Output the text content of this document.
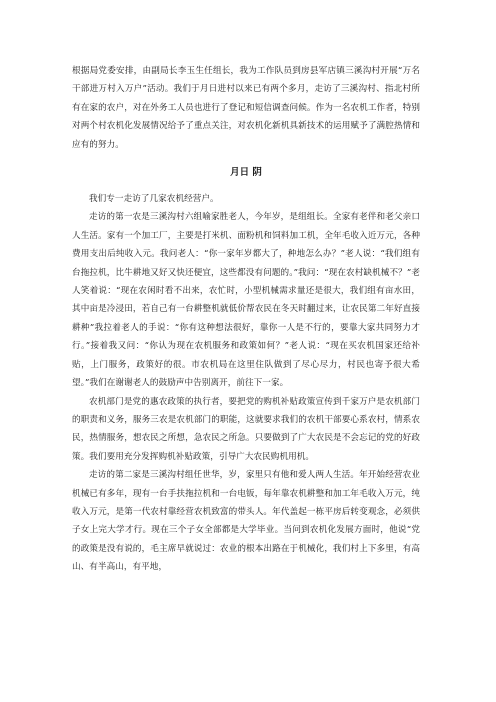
根据局党委安排，由副局长李玉生任组长，我为工作队员到房县军店镇三溪沟村开展“万名干部进万村入万户”活动。我们于月日进村以来已有两个多月，走访了三溪沟村、指北村所有在家的农户，对在外务工人员也进行了登记和短信调查问候。作为一名农机工作者，特别对两个村农机化发展情况给予了重点关注，对农机化新机具新技术的运用赋予了满腔热情和应有的努力。

月日 阴

我们专一走访了几家农机经营户。

走访的第一农是三溪沟村六组喻家胜老人，今年岁，是组组长。全家有老伴和老父亲口人生活。家有一个加工厂，主要是打米机、面粉机和饲料加工机，全年毛收入近万元，各种费用支出后纯收入元。我问老人：“你一家年岁都大了，种地怎么办？”老人说：“我们组有台拖拉机，比牛耕地又好又快还便宜，这些都没有问题的。”我问：“现在农村缺机械不？”老人笑着说：“现在农闲时看不出来，农忙时，小型机械需求量还是很大，我们组有亩水田，其中亩是冷浸田，若自己有一台耕整机就低价帮农民在冬天时翻过来，让农民第二年好直接耕种”我拉着老人的手说：“你有这种想法很好，靠你一人是不行的，要靠大家共同努力才行。”接着我又问：“你认为现在农机服务和政策如何？”老人说：“现在买农机国家还给补贴，上门服务，政策好的很。市农机局在这里住队做到了尽心尽力，村民也寄予很大希望。”我们在谢谢老人的鼓励声中告别离开，前往下一家。

农机部门是党的惠农政策的执行者，要把党的购机补贴政策宣传到千家万户是农机部门的职责和义务，服务三农是农机部门的职能，这就要求我们的农机干部要心系农村，情系农民，热情服务，想农民之所想，急农民之所急。只要做到了广大农民是不会忘记的党的好政策。我们要用充分发挥购机补贴政策，引导广大农民购机用机。

走访的第二家是三溪沟村组任世华，岁，家里只有他和爱人两人生活。年开始经营农业机械已有多年，现有一台手扶拖拉机和一台电钣，每年靠农机耕整和加工年毛收入万元，纯收入万元，是第一代农村靠经营农机致富的带头人。年代盖起一栋平房后转变观念，必须供子女上完大学才行。现在三个子女全部都是大学毕业。当问到农机化发展方面时，他说“党的政策是没有说的，毛主席早就说过：农业的根本出路在于机械化，我们村上下多里，有高山、有半高山，有平地，
